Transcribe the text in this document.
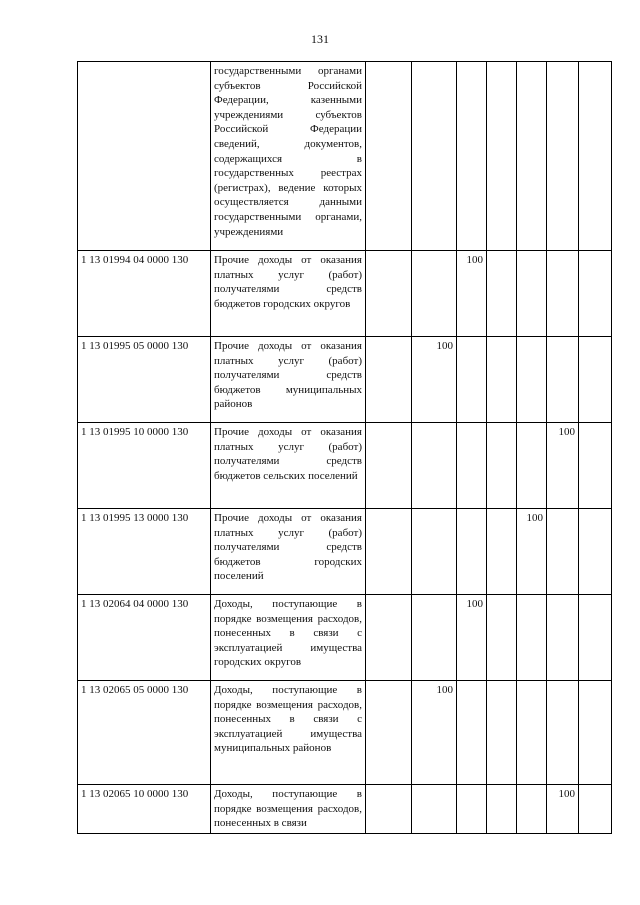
131
	государственными органами субъектов Российской Федерации, казенными учреждениями субъектов Российской Федерации сведений, документов, содержащихся в государственных реестрах (регистрах), ведение которых осуществляется данными государственными органами, учреждениями							
1 13 01994 04 0000 130	Прочие доходы от оказания платных услуг (работ) получателями средств бюджетов городских округов			100				
1 13 01995 05 0000 130	Прочие доходы от оказания платных услуг (работ) получателями средств бюджетов муниципальных районов		100					
1 13 01995 10 0000 130	Прочие доходы от оказания платных услуг (работ) получателями средств бюджетов сельских поселений						100	
1 13 01995 13 0000 130	Прочие доходы от оказания платных услуг (работ) получателями средств бюджетов городских поселений					100		
1 13 02064 04 0000 130	Доходы, поступающие в порядке возмещения расходов, понесенных в связи с эксплуатацией имущества городских округов			100				
1 13 02065 05 0000 130	Доходы, поступающие в порядке возмещения расходов, понесенных в связи с эксплуатацией имущества муниципальных районов		100					
1 13 02065 10 0000 130	Доходы, поступающие в порядке возмещения расходов, понесенных в связи						100	
